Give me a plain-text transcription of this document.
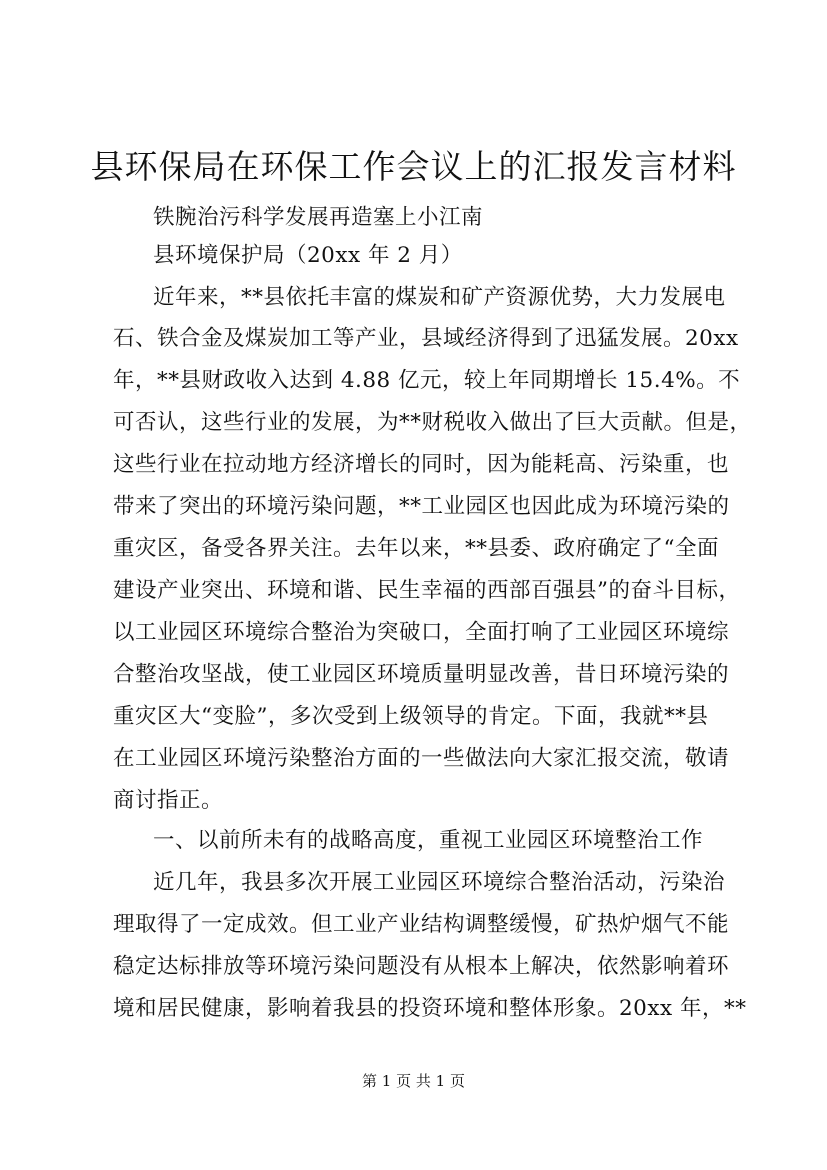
县环保局在环保工作会议上的汇报发言材料
铁腕治污科学发展再造塞上小江南
县环境保护局（20xx 年 2 月）
近年来，**县依托丰富的煤炭和矿产资源优势，大力发展电
石、铁合金及煤炭加工等产业，县域经济得到了迅猛发展。20xx
年，**县财政收入达到 4.88 亿元，较上年同期增长 15.4%。不
可否认，这些行业的发展，为**财税收入做出了巨大贡献。但是，
这些行业在拉动地方经济增长的同时，因为能耗高、污染重，也
带来了突出的环境污染问题，**工业园区也因此成为环境污染的
重灾区，备受各界关注。去年以来，**县委、政府确定了“全面
建设产业突出、环境和谐、民生幸福的西部百强县”的奋斗目标，
以工业园区环境综合整治为突破口，全面打响了工业园区环境综
合整治攻坚战，使工业园区环境质量明显改善，昔日环境污染的
重灾区大“变脸”，多次受到上级领导的肯定。下面，我就**县
在工业园区环境污染整治方面的一些做法向大家汇报交流，敬请
商讨指正。
一、以前所未有的战略高度，重视工业园区环境整治工作
近几年，我县多次开展工业园区环境综合整治活动，污染治
理取得了一定成效。但工业产业结构调整缓慢，矿热炉烟气不能
稳定达标排放等环境污染问题没有从根本上解决，依然影响着环
境和居民健康，影响着我县的投资环境和整体形象。20xx 年，**
第 1 页 共 1 页
